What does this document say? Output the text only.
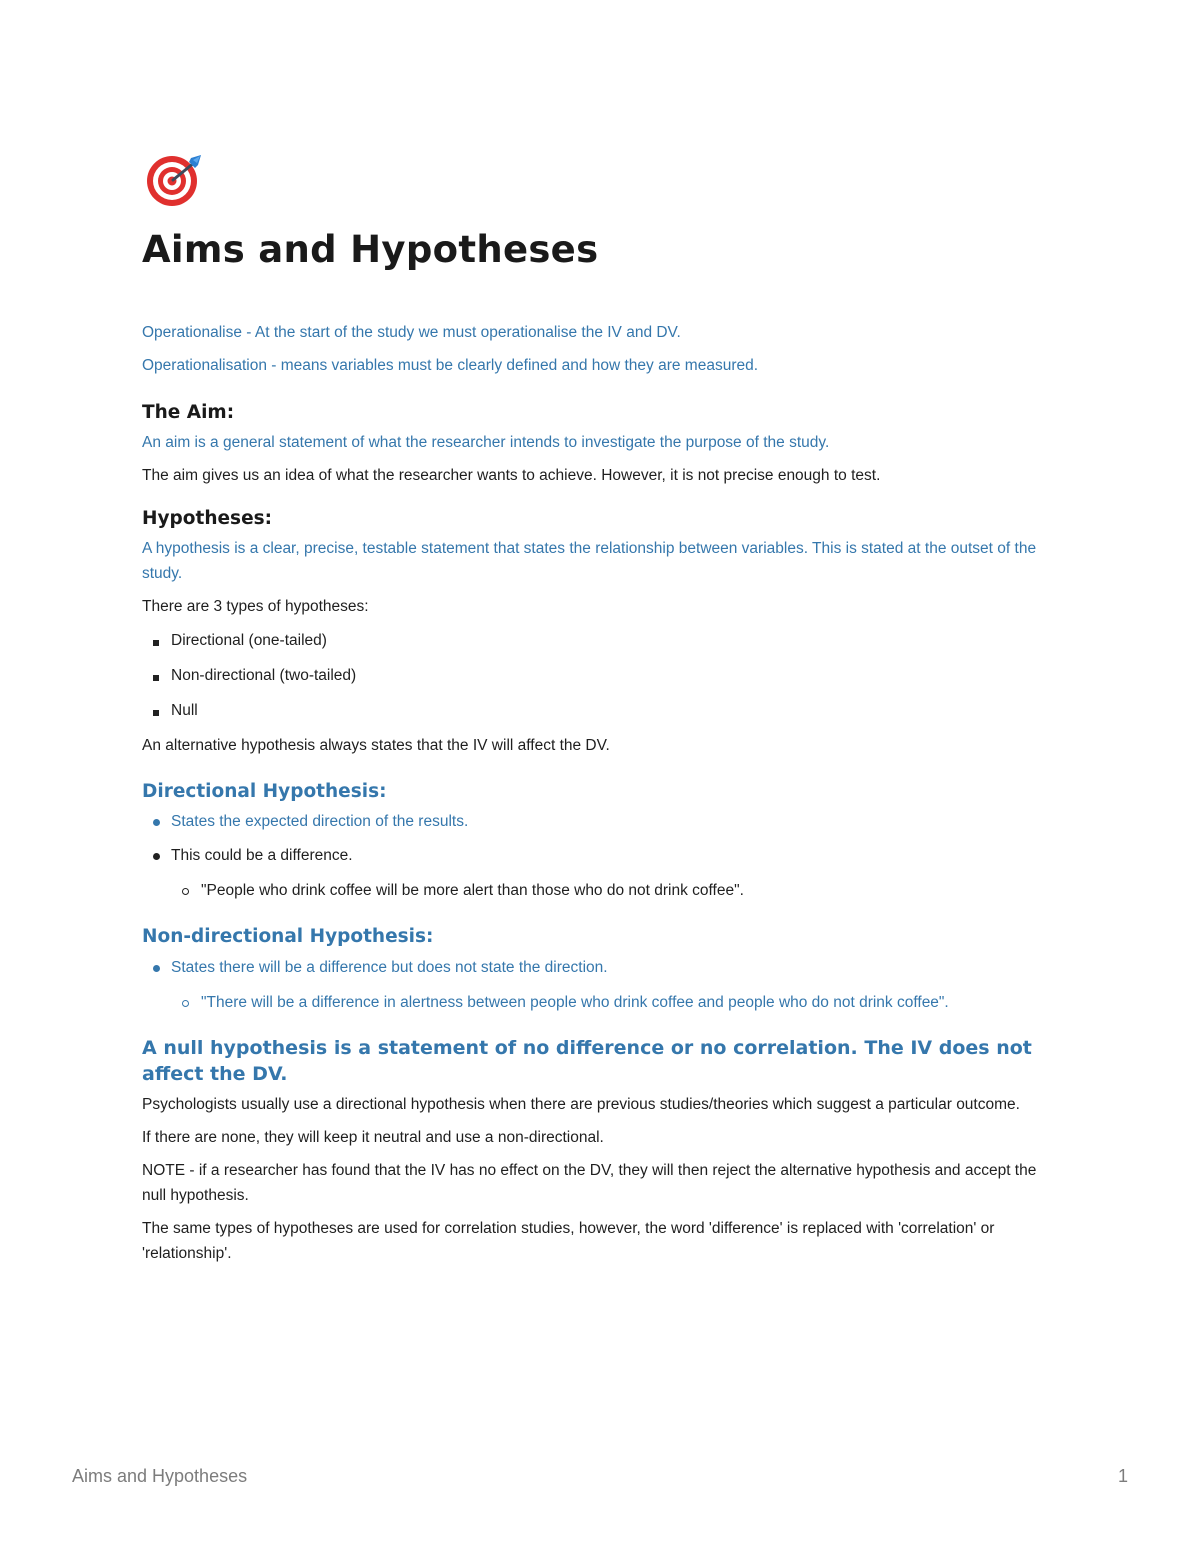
Aims and Hypotheses

Operationalise - At the start of the study we must operationalise the IV and DV.

Operationalisation - means variables must be clearly defined and how they are measured.

The Aim:

An aim is a general statement of what the researcher intends to investigate the purpose of the study.

The aim gives us an idea of what the researcher wants to achieve. However, it is not precise enough to test.

Hypotheses:

A hypothesis is a clear, precise, testable statement that states the relationship between variables. This is stated at the outset of the study.

There are 3 types of hypotheses:

Directional (one-tailed)
Non-directional (two-tailed)
Null

An alternative hypothesis always states that the IV will affect the DV.

Directional Hypothesis:
States the expected direction of the results.
This could be a difference.
"People who drink coffee will be more alert than those who do not drink coffee".
Non-directional Hypothesis:
States there will be a difference but does not state the direction.
"There will be a difference in alertness between people who drink coffee and people who do not drink coffee".
A null hypothesis is a statement of no difference or no correlation. The IV does not affect the DV.

Psychologists usually use a directional hypothesis when there are previous studies/theories which suggest a particular outcome.

If there are none, they will keep it neutral and use a non-directional.

NOTE - if a researcher has found that the IV has no effect on the DV, they will then reject the alternative hypothesis and accept the null hypothesis.

The same types of hypotheses are used for correlation studies, however, the word 'difference' is replaced with 'correlation' or 'relationship'.

Aims and Hypotheses	1
